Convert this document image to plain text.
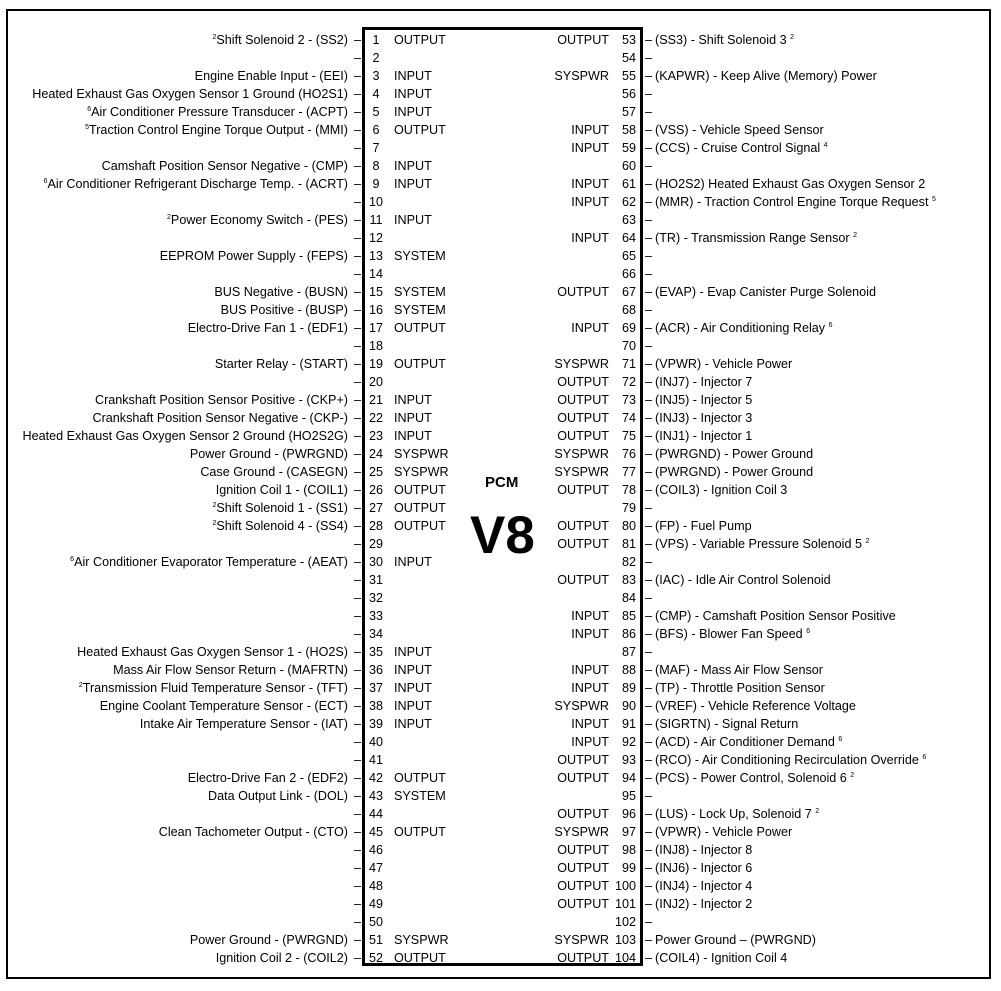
PCM
V8
$^2$Shift Solenoid 2 - (SS2) – 1 OUTPUT	OUTPUT 53 – (SS3) - Shift Solenoid 3 $^2$
– 2	54 –
Engine Enable Input - (EEI) – 3 INPUT	SYSPWR 55 – (KAPWR) - Keep Alive (Memory) Power
Heated Exhaust Gas Oxygen Sensor 1 Ground (HO2S1) – 4 INPUT	56 –
$^6$Air Conditioner Pressure Transducer - (ACPT) – 5 INPUT	57 –
$^5$Traction Control Engine Torque Output - (MMI) – 6 OUTPUT	INPUT 58 – (VSS) - Vehicle Speed Sensor
– 7	INPUT 59 – (CCS) - Cruise Control Signal $^4$
Camshaft Position Sensor Negative - (CMP) – 8 INPUT	60 –
$^6$Air Conditioner Refrigerant Discharge Temp. - (ACRT) – 9 INPUT	INPUT 61 – (HO2S2) Heated Exhaust Gas Oxygen Sensor 2
– 10	INPUT 62 – (MMR) - Traction Control Engine Torque Request $^5$
$^2$Power Economy Switch - (PES) – 11 INPUT	63 –
– 12	INPUT 64 – (TR) - Transmission Range Sensor $^2$
EEPROM Power Supply - (FEPS) – 13 SYSTEM	65 –
– 14	66 –
BUS Negative - (BUSN) – 15 SYSTEM	OUTPUT 67 – (EVAP) - Evap Canister Purge Solenoid
BUS Positive - (BUSP) – 16 SYSTEM	68 –
Electro-Drive Fan 1 - (EDF1) – 17 OUTPUT	INPUT 69 – (ACR) - Air Conditioning Relay $^6$
– 18	70 –
Starter Relay - (START) – 19 OUTPUT	SYSPWR 71 – (VPWR) - Vehicle Power
– 20	OUTPUT 72 – (INJ7) - Injector 7
Crankshaft Position Sensor Positive - (CKP+) – 21 INPUT	OUTPUT 73 – (INJ5) - Injector 5
Crankshaft Position Sensor Negative - (CKP-) – 22 INPUT	OUTPUT 74 – (INJ3) - Injector 3
Heated Exhaust Gas Oxygen Sensor 2 Ground (HO2S2G) – 23 INPUT	OUTPUT 75 – (INJ1) - Injector 1
Power Ground - (PWRGND) – 24 SYSPWR	SYSPWR 76 – (PWRGND) - Power Ground
Case Ground - (CASEGN) – 25 SYSPWR	SYSPWR 77 – (PWRGND) - Power Ground
Ignition Coil 1 - (COIL1) – 26 OUTPUT	OUTPUT 78 – (COIL3) - Ignition Coil 3
$^2$Shift Solenoid 1 - (SS1) – 27 OUTPUT	79 –
$^2$Shift Solenoid 4 - (SS4) – 28 OUTPUT	OUTPUT 80 – (FP) - Fuel Pump
– 29	OUTPUT 81 – (VPS) - Variable Pressure Solenoid 5 $^2$
$^6$Air Conditioner Evaporator Temperature - (AEAT) – 30 INPUT	82 –
– 31	OUTPUT 83 – (IAC) - Idle Air Control Solenoid
– 32	84 –
– 33	INPUT 85 – (CMP) - Camshaft Position Sensor Positive
– 34	INPUT 86 – (BFS) - Blower Fan Speed $^6$
Heated Exhaust Gas Oxygen Sensor 1 - (HO2S) – 35 INPUT	87 –
Mass Air Flow Sensor Return - (MAFRTN) – 36 INPUT	INPUT 88 – (MAF) - Mass Air Flow Sensor
$^2$Transmission Fluid Temperature Sensor - (TFT) – 37 INPUT	INPUT 89 – (TP) - Throttle Position Sensor
Engine Coolant Temperature Sensor - (ECT) – 38 INPUT	SYSPWR 90 – (VREF) - Vehicle Reference Voltage
Intake Air Temperature Sensor - (IAT) – 39 INPUT	INPUT 91 – (SIGRTN) - Signal Return
– 40	INPUT 92 – (ACD) - Air Conditioner Demand $^6$
– 41	OUTPUT 93 – (RCO) - Air Conditioning Recirculation Override $^6$
Electro-Drive Fan 2 - (EDF2) – 42 OUTPUT	OUTPUT 94 – (PCS) - Power Control, Solenoid 6 $^2$
Data Output Link - (DOL) – 43 SYSTEM	95 –
– 44	OUTPUT 96 – (LUS) - Lock Up, Solenoid 7 $^2$
Clean Tachometer Output - (CTO) – 45 OUTPUT	SYSPWR 97 – (VPWR) - Vehicle Power
– 46	OUTPUT 98 – (INJ8) - Injector 8
– 47	OUTPUT 99 – (INJ6) - Injector 6
– 48	OUTPUT 100 – (INJ4) - Injector 4
– 49	OUTPUT 101 – (INJ2) - Injector 2
– 50	102 –
Power Ground - (PWRGND) – 51 SYSPWR	SYSPWR 103 – Power Ground – (PWRGND)
Ignition Coil 2 - (COIL2) – 52 OUTPUT	OUTPUT 104 – (COIL4) - Ignition Coil 4
